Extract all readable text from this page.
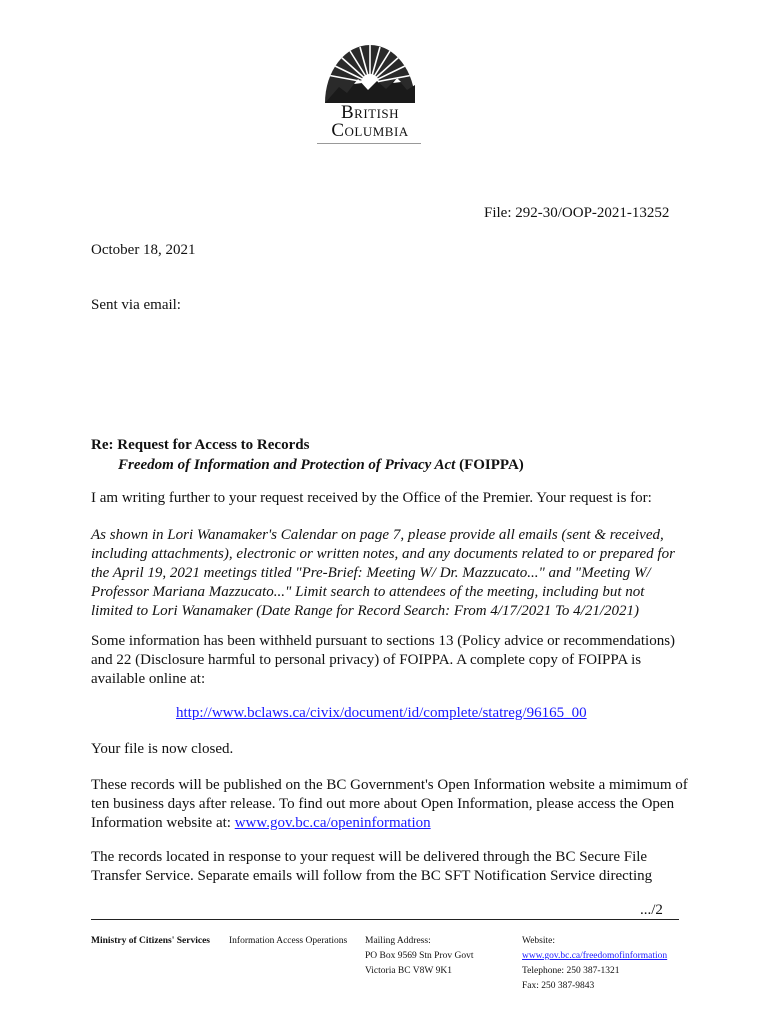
British
Columbia
File: 292-30/OOP-2021-13252
October 18, 2021
Sent via email:
Re: Request for Access to Records
Freedom of Information and Protection of Privacy Act (FOIPPA)
I am writing further to your request received by the Office of the Premier. Your request is for:
As shown in Lori Wanamaker's Calendar on page 7, please provide all emails (sent & received, including attachments), electronic or written notes, and any documents related to or prepared for the April 19, 2021 meetings titled "Pre-Brief: Meeting W/ Dr. Mazzucato..." and "Meeting W/ Professor Mariana Mazzucato..." Limit search to attendees of the meeting, including but not limited to Lori Wanamaker (Date Range for Record Search: From 4/17/2021 To 4/21/2021)
Some information has been withheld pursuant to sections 13 (Policy advice or recommendations) and 22 (Disclosure harmful to personal privacy) of FOIPPA. A complete copy of FOIPPA is available online at:
http://www.bclaws.ca/civix/document/id/complete/statreg/96165_00
Your file is now closed.
These records will be published on the BC Government's Open Information website a mimimum of ten business days after release. To find out more about Open Information, please access the Open Information website at: www.gov.bc.ca/openinformation
The records located in response to your request will be delivered through the BC Secure File Transfer Service. Separate emails will follow from the BC SFT Notification Service directing
.../2
Ministry of Citizens' Services Information Access Operations Mailing Address:
PO Box 9569 Stn Prov Govt
Victoria BC V8W 9K1
Website:
www.gov.bc.ca/freedomofinformation
Telephone: 250 387-1321
Fax: 250 387-9843
